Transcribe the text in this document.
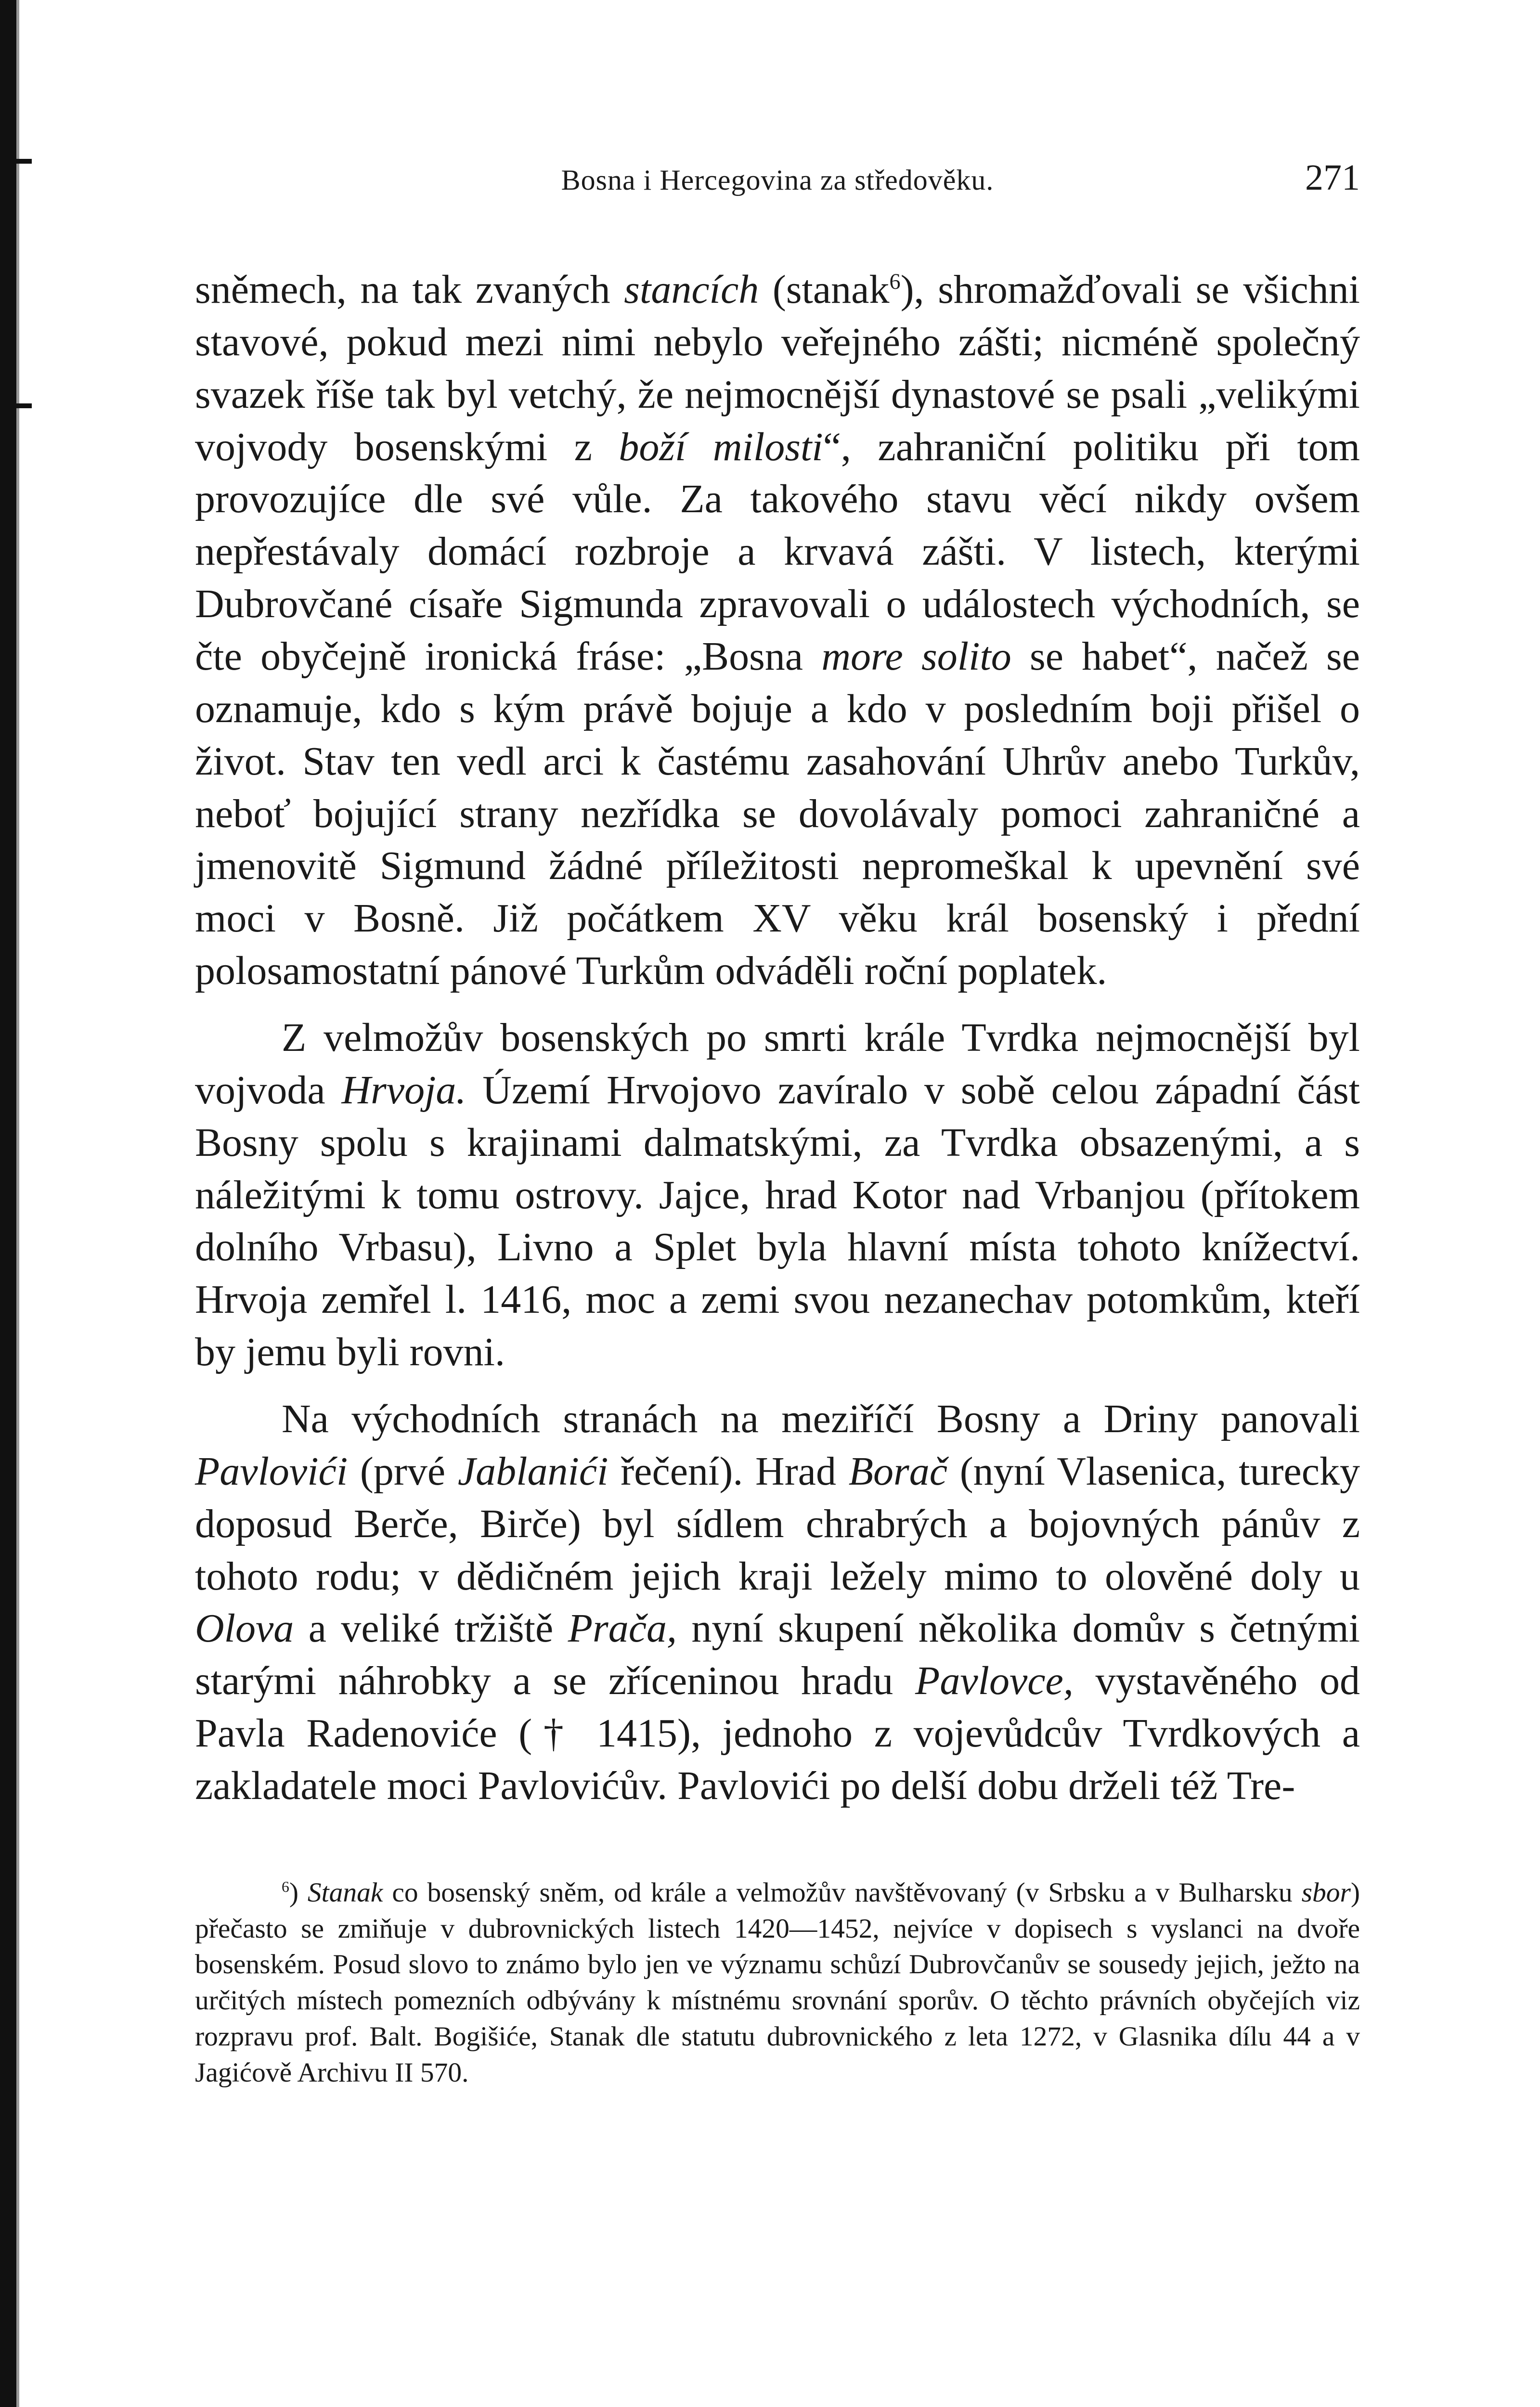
Bosna i Hercegovina za středověku.	271

sněmech, na tak zvaných stancích (stanak$^6$), shromažďovali se všichni stavové, pokud mezi nimi nebylo veřejného zášti; nicméně společný svazek říše tak byl vetchý, že nejmocnější dynastové se psali „velikými vojvody bosenskými z boží milosti“, zahraniční politiku při tom provozujíce dle své vůle. Za takového stavu věcí nikdy ovšem nepřestávaly domácí rozbroje a krvavá zášti. V listech, kterými Dubrovčané císaře Sigmunda zpravovali o událostech východních, se čte obyčejně ironická fráse: „Bosna more solito se habet“, načež se oznamuje, kdo s kým právě bojuje a kdo v posledním boji přišel o život. Stav ten vedl arci k častému zasahování Uhrův anebo Turkův, neboť bojující strany nezřídka se dovolávaly pomoci zahraničné a jmenovitě Sigmund žádné příležitosti nepromeškal k upevnění své moci v Bosně. Již počátkem XV věku král bosenský i přední polosamostatní pánové Turkům odváděli roční poplatek.

Z velmožův bosenských po smrti krále Tvrdka nejmocnější byl vojvoda Hrvoja. Území Hrvojovo zavíralo v sobě celou západní část Bosny spolu s krajinami dalmatskými, za Tvrdka obsazenými, a s náležitými k tomu ostrovy. Jajce, hrad Kotor nad Vrbanjou (přítokem dolního Vrbasu), Livno a Splet byla hlavní místa tohoto knížectví. Hrvoja zemřel l. 1416, moc a zemi svou nezanechav potomkům, kteří by jemu byli rovni.

Na východních stranách na meziříčí Bosny a Driny panovali Pavlovići (prvé Jablanići řečení). Hrad Borač (nyní Vlasenica, turecky doposud Berče, Birče) byl sídlem chrabrých a bojovných pánův z tohoto rodu; v dědičném jejich kraji ležely mimo to olověné doly u Olova a veliké tržiště Prača, nyní skupení několika domův s četnými starými náhrobky a se zříceninou hradu Pavlovce, vystavěného od Pavla Radenoviće († 1415), jednoho z vojevůdcův Tvrdkových a zakladatele moci Pavlovićův. Pavlovići po delší dobu drželi též Tre-

$^6$) Stanak co bosenský sněm, od krále a velmožův navštěvovaný (v Srbsku a v Bulharsku sbor) přečasto se zmiňuje v dubrovnických listech 1420—1452, nejvíce v dopisech s vyslanci na dvoře bosenském. Posud slovo to známo bylo jen ve významu schůzí Dubrovčanův se sousedy jejich, ježto na určitých místech pomezních odbývány k místnému srovnání sporův. O těchto právních obyčejích viz rozpravu prof. Balt. Bogišiće, Stanak dle statutu dubrovnického z leta 1272, v Glasnika dílu 44 a v Jagićově Archivu II 570.
